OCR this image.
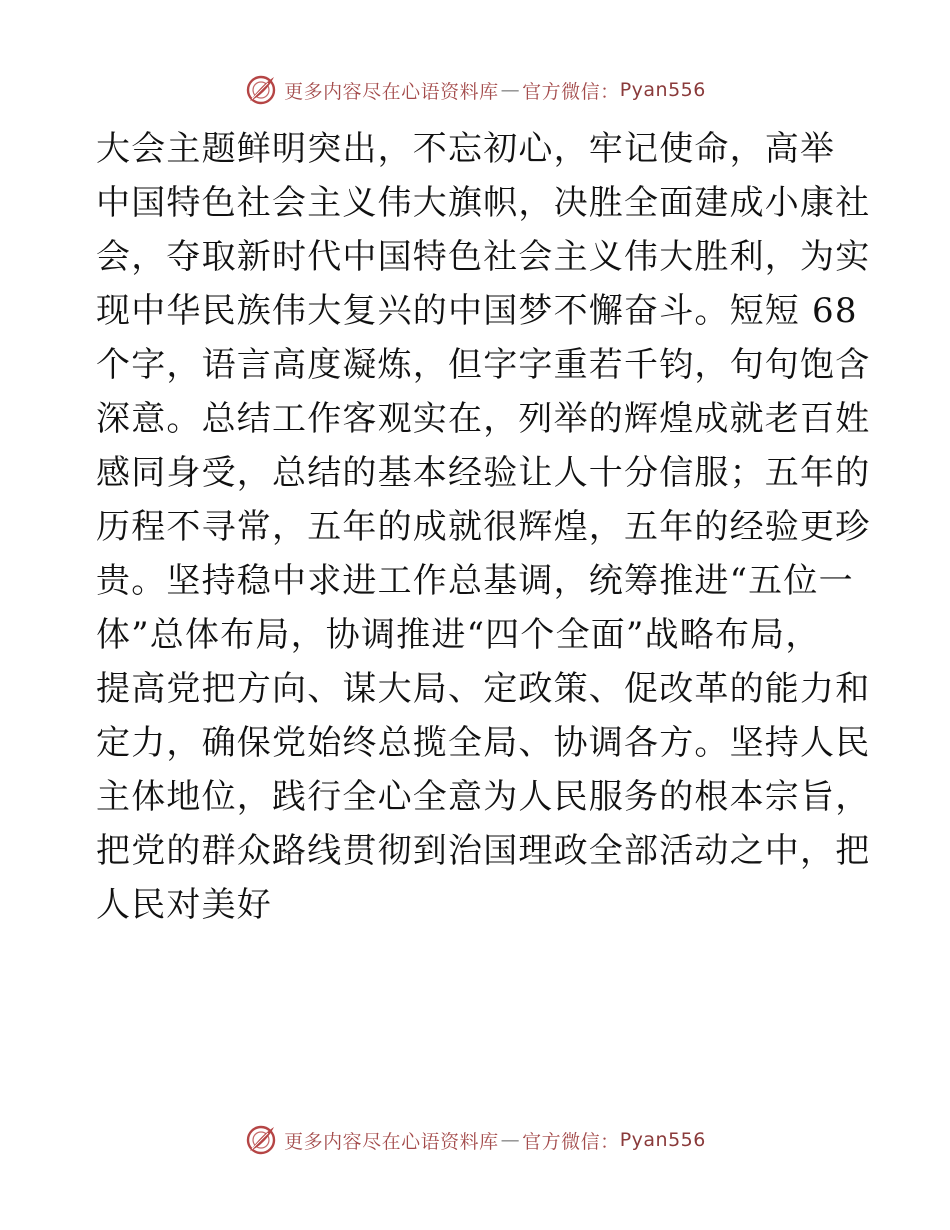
更多内容尽在心语资料库 — 官方微信： Pyan556
大会主题鲜明突出，不忘初心，牢记使命，高举
中国特色社会主义伟大旗帜，决胜全面建成小康社
会，夺取新时代中国特色社会主义伟大胜利，为实
现中华民族伟大复兴的中国梦不懈奋斗。短短 68
个字，语言高度凝炼，但字字重若千钧，句句饱含
深意。总结工作客观实在，列举的辉煌成就老百姓
感同身受，总结的基本经验让人十分信服；五年的
历程不寻常，五年的成就很辉煌，五年的经验更珍
贵。坚持稳中求进工作总基调，统筹推进“五位一
体”总体布局，协调推进“四个全面”战略布局，
提高党把方向、谋大局、定政策、促改革的能力和
定力，确保党始终总揽全局、协调各方。坚持人民
主体地位，践行全心全意为人民服务的根本宗旨，
把党的群众路线贯彻到治国理政全部活动之中，把
人民对美好
更多内容尽在心语资料库 — 官方微信： Pyan556
